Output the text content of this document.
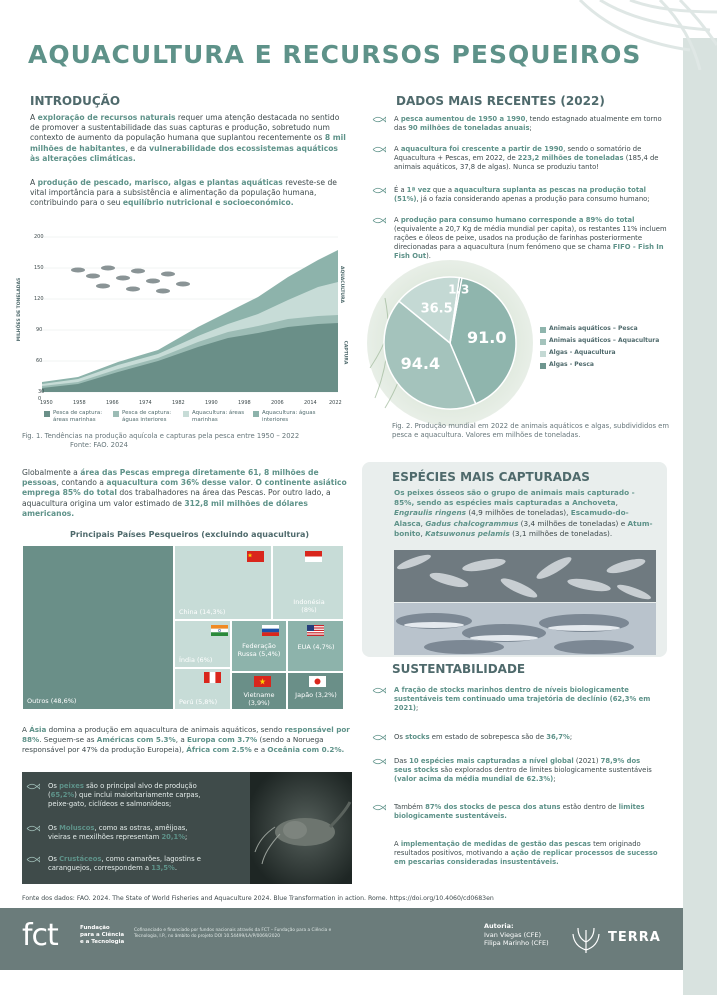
AQUACULTURA E RECURSOS PESQUEIROS
INTRODUÇÃO
A exploração de recursos naturais requer uma atenção destacada no sentido de promover a sustentabilidade das suas capturas e produção, sobretudo num contexto de aumento da população humana que suplantou recentemente os 8 mil milhões de habitantes, e da vulnerabilidade dos ecossistemas aquáticos às alterações climáticas.
A produção de pescado, marisco, algas e plantas aquáticas reveste-se de vital importância para a subsistência e alimentação da população humana, contribuindo para o seu equilíbrio nutricional e socioeconómico.
200
150
120
90
60
30
0
1950	1958	1966	1974	1982	1990	1998	2006	2014 2022
MILHÕES DE TONELADAS	AQUACULTURA
CAPTURA
Pesca de captura: áreas marinhas
Pesca de captura: águas interiores
Aquacultura: áreas marinhas
Aquacultura: águas interiores
Fig. 1. Tendências na produção aquícola e capturas pela pesca entre 1950 – 2022
Fonte: FAO. 2024
DADOS MAIS RECENTES (2022)
A pesca aumentou de 1950 a 1990, tendo estagnado atualmente em torno das 90 milhões de toneladas anuais;
A aquacultura foi crescente a partir de 1990, sendo o somatório de Aquacultura + Pescas, em 2022, de 223,2 milhões de toneladas (185,4 de animais aquáticos, 37,8 de algas). Nunca se produziu tanto!
É a 1ª vez que a aquacultura suplanta as pescas na produção total (51%), já o fazia considerando apenas a produção para consumo humano;
A produção para consumo humano corresponde a 89% do total (equivalente a 20,7 Kg de média mundial per capita), os restantes 11% incluem rações e óleos de peixe, usados na produção de farinhas posteriormente direcionadas para a aquacultura (num fenómeno que se chama FIFO - Fish In Fish Out).
91.0
94.4
36.5
1.3
Animais aquáticos – Pesca
Animais aquáticos – Aquacultura
Algas - Aquacultura
Algas - Pesca
Fig. 2. Produção mundial em 2022 de animais aquáticos e algas, subdivididos em pesca e aquacultura. Valores em milhões de toneladas.
Globalmente a área das Pescas emprega diretamente 61, 8 milhões de pessoas, contando a aquacultura com 36% desse valor. O continente asiático emprega 85% do total dos trabalhadores na área das Pescas. Por outro lado, a aquacultura origina um valor estimado de 312,8 mil milhões de dólares americanos.
Principais Países Pesqueiros (excluindo aquacultura)
Outros (48,6%)
China (14,3%)
Indonésia (8%)
Índia (6%)
Federação Russa (5,4%)
EUA (4,7%)
Perú (5,8%)
Vietname (3,9%)
Japão (3,2%)
A Ásia domina a produção em aquacultura de animais aquáticos, sendo responsável por 88%. Seguem-se as Américas com 5.3%, a Europa com 3.7% (sendo a Noruega responsável por 47% da produção Europeia), África com 2.5% e a Oceânia com 0.2%.
Os peixes são o principal alvo de produção (65,2%) que inclui maioritariamente carpas, peixe-gato, ciclídeos e salmonídeos;
Os Moluscos, como as ostras, amêijoas, vieiras e mexilhões representam 20,1%;
Os Crustáceos, como camarões, lagostins e caranguejos, correspondem a 13,5%.
ESPÉCIES MAIS CAPTURADAS
Os peixes ósseos são o grupo de animais mais capturado - 85%, sendo as espécies mais capturadas a Anchoveta, Engraulis ringens (4,9 milhões de toneladas), Escamudo-do-Alasca, Gadus chalcogrammus (3,4 milhões de toneladas) e Atum-bonito, Katsuwonus pelamis (3,1 milhões de toneladas).
SUSTENTABILIDADE
A fração de stocks marinhos dentro de níveis biologicamente sustentáveis tem continuado uma trajetória de declínio (62,3% em 2021);
Os stocks em estado de sobrepesca são de 36,7%;
Das 10 espécies mais capturadas a nível global (2021) 78,9% dos seus stocks são explorados dentro de limites biologicamente sustentáveis (valor acima da média mundial de 62.3%);
Também 87% dos stocks de pesca dos atuns estão dentro de limites biologicamente sustentáveis.
A implementação de medidas de gestão das pescas tem originado resultados positivos, motivando a ação de replicar processos de sucesso em pescarias consideradas insustentáveis.
Fonte dos dados: FAO. 2024. The State of World Fisheries and Aquaculture 2024. Blue Transformation in action. Rome. https://doi.org/10.4060/cd0683en
fct	Fundação
para a Ciência
e a Tecnologia
Cofinanciado e financiado por fundos nacionais através da FCT – Fundação para a Ciência e Tecnologia, I.P., no âmbito do projeto DOI 10.54499/LA/P/0069/2020
Autoria:
Ivan Viegas (CFE)
Filipa Marinho (CFE)	TERRA
